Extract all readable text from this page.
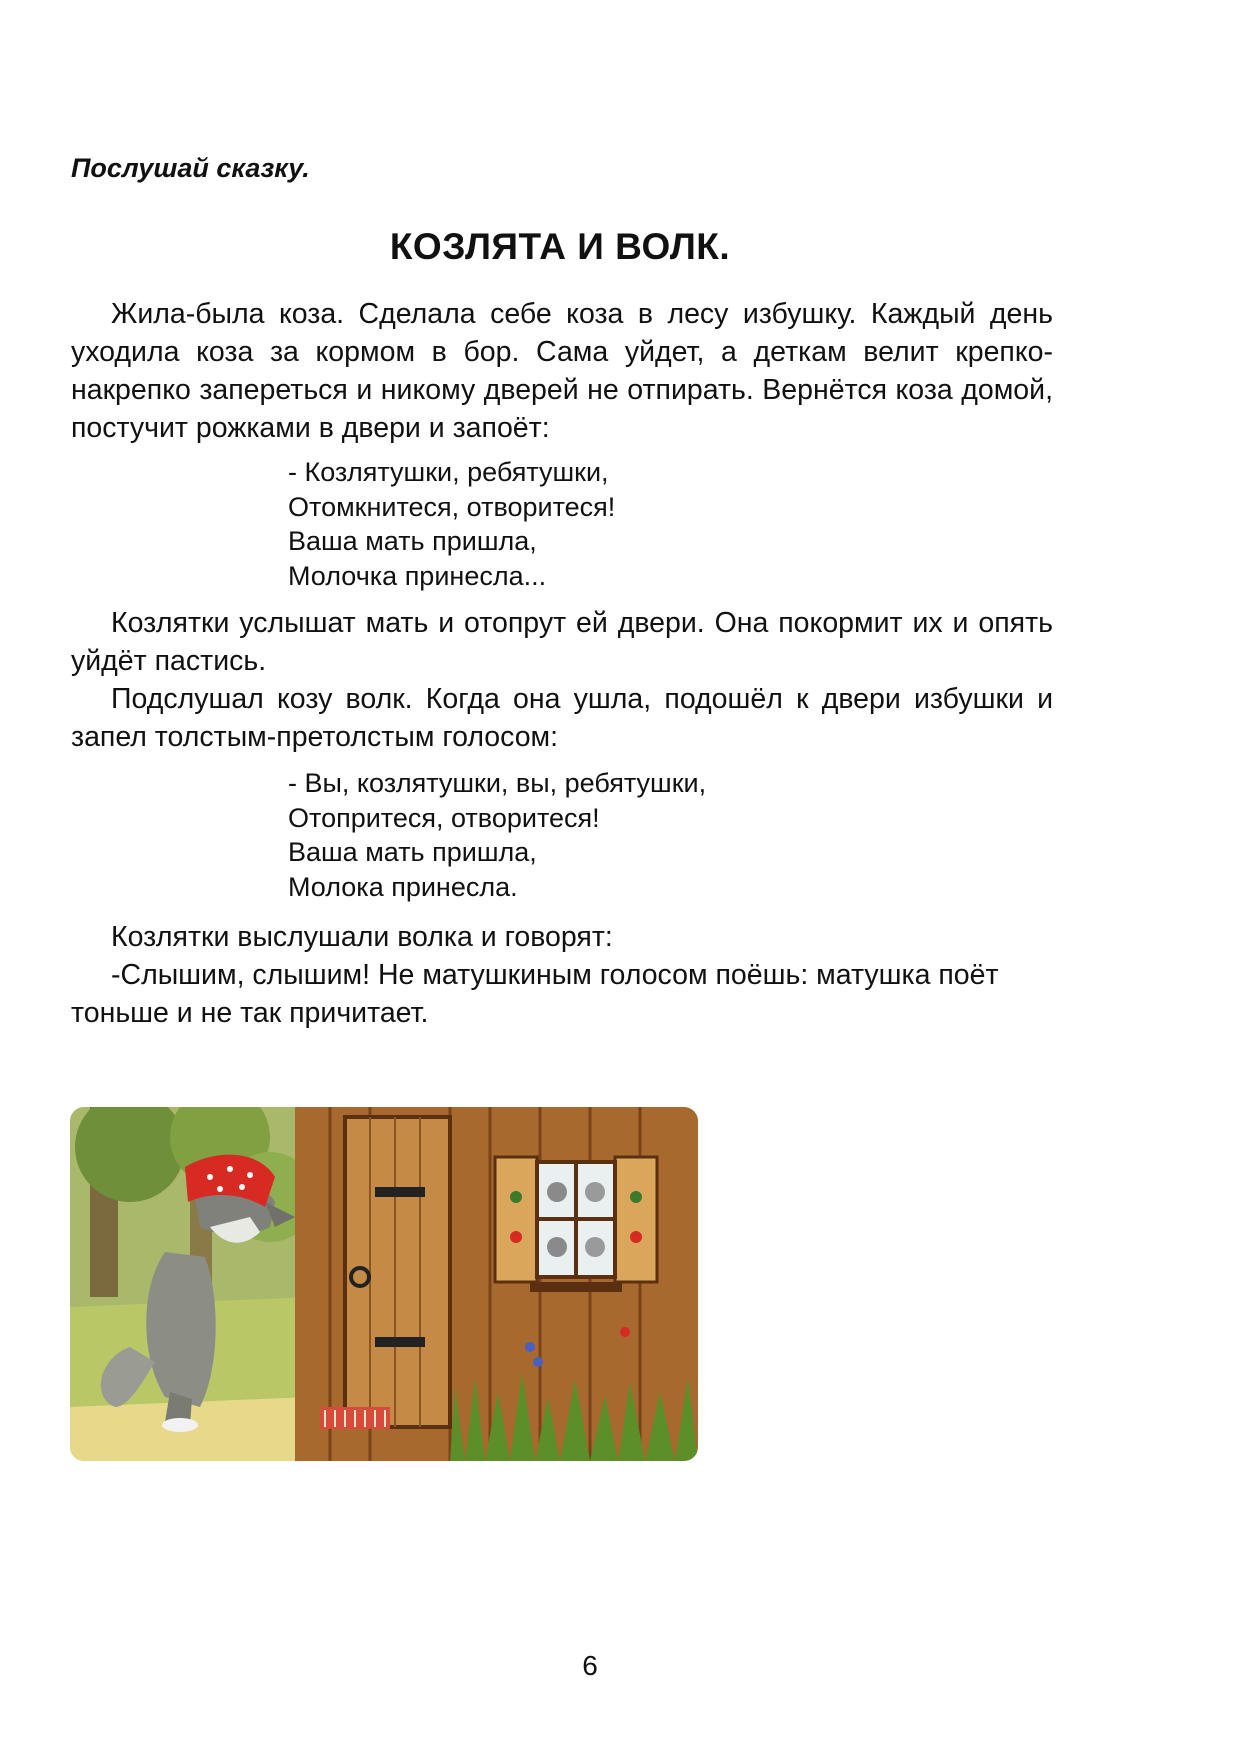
Послушай сказку.

КОЗЛЯТА И ВОЛК.

Жила-была коза. Сделала себе коза в лесу избушку. Каждый день уходила коза за кормом в бор. Сама уйдет, а деткам велит крепко-накрепко запереться и никому дверей не отпирать. Вернётся коза домой, постучит рожками в двери и запоёт:

- Козлятушки, ребятушки,
Отомкнитеся, отворитеся!
Ваша мать пришла,
Молочка принесла...

Козлятки услышат мать и отопрут ей двери. Она покормит их и опять уйдёт пастись.

Подслушал козу волк. Когда она ушла, подошёл к двери избушки и запел толстым-претолстым голосом:

- Вы, козлятушки, вы, ребятушки,
Отопритеся, отворитеся!
Ваша мать пришла,
Молока принесла.

Козлятки выслушали волка и говорят:

-Слышим, слышим! Не матушкиным голосом поёшь: матушка поёт тоньше и не так причитает.

6
